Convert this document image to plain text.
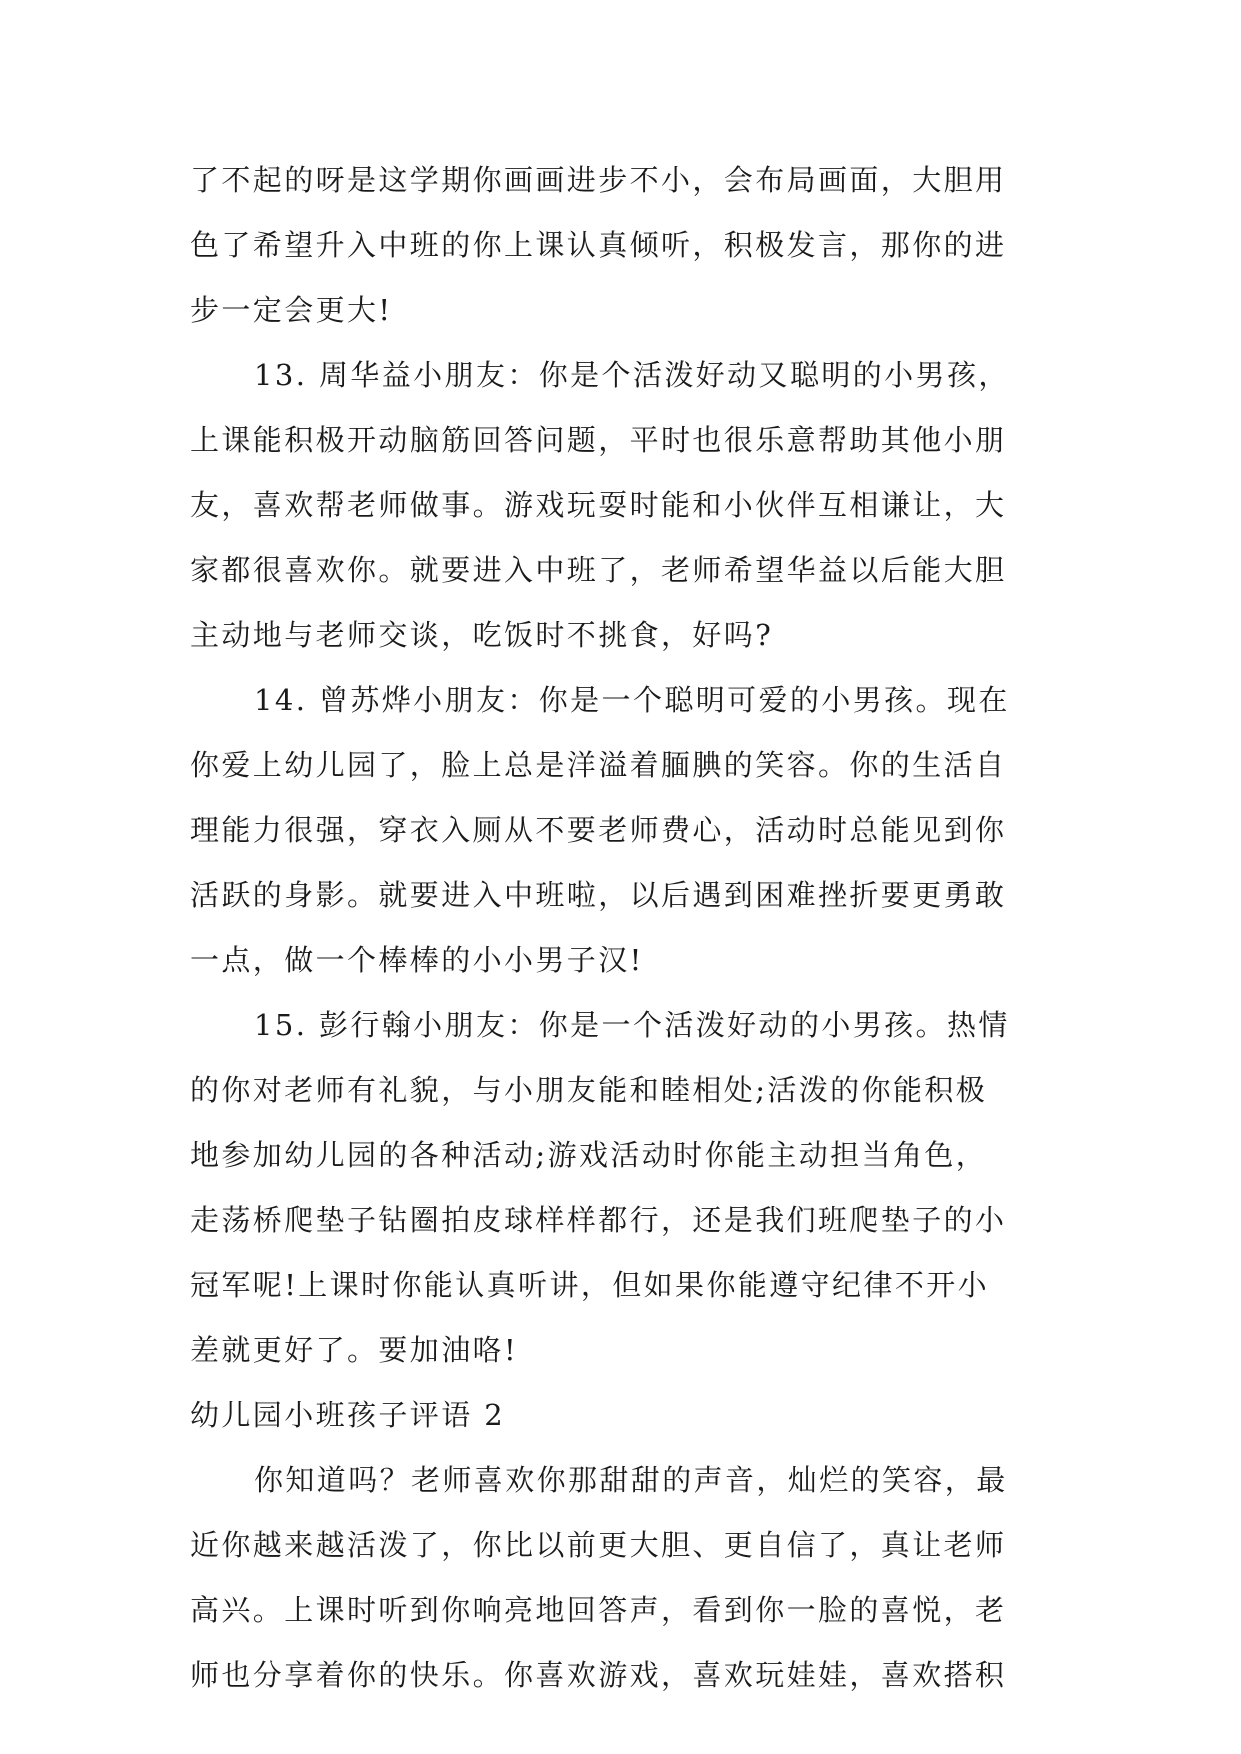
了不起的呀是这学期你画画进步不小，会布局画面，大胆用
色了希望升入中班的你上课认真倾听，积极发言，那你的进
步一定会更大!
13. 周华益小朋友：你是个活泼好动又聪明的小男孩，
上课能积极开动脑筋回答问题，平时也很乐意帮助其他小朋
友，喜欢帮老师做事。游戏玩耍时能和小伙伴互相谦让，大
家都很喜欢你。就要进入中班了，老师希望华益以后能大胆
主动地与老师交谈，吃饭时不挑食，好吗?
14. 曾苏烨小朋友：你是一个聪明可爱的小男孩。现在
你爱上幼儿园了，脸上总是洋溢着腼腆的笑容。你的生活自
理能力很强，穿衣入厕从不要老师费心，活动时总能见到你
活跃的身影。就要进入中班啦，以后遇到困难挫折要更勇敢
一点，做一个棒棒的小小男子汉!
15. 彭行翰小朋友：你是一个活泼好动的小男孩。热情
的你对老师有礼貌，与小朋友能和睦相处;活泼的你能积极
地参加幼儿园的各种活动;游戏活动时你能主动担当角色，
走荡桥爬垫子钻圈拍皮球样样都行，还是我们班爬垫子的小
冠军呢!上课时你能认真听讲，但如果你能遵守纪律不开小
差就更好了。要加油咯!
幼儿园小班孩子评语 2
你知道吗？老师喜欢你那甜甜的声音，灿烂的笑容，最
近你越来越活泼了，你比以前更大胆、更自信了，真让老师
高兴。上课时听到你响亮地回答声，看到你一脸的喜悦，老
师也分享着你的快乐。你喜欢游戏，喜欢玩娃娃，喜欢搭积
